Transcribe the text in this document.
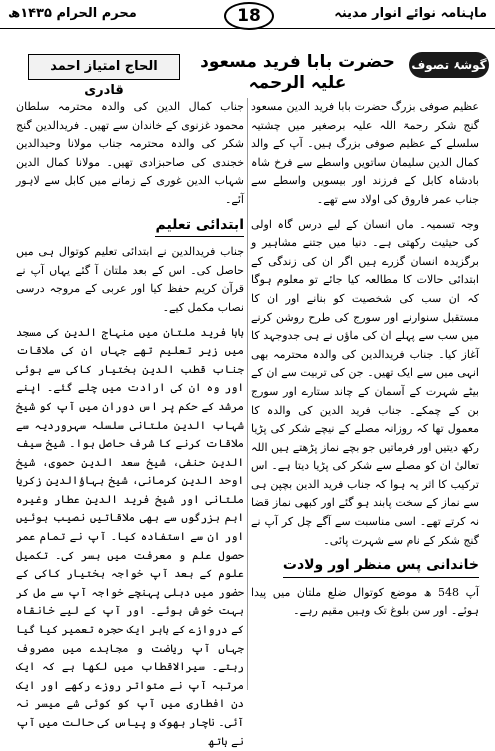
محرم الحرام ۱۴۳۵ھ	18	ماہنامہ نوائے انوار مدینہ
الحاج امتیاز احمد قادری
حضرت بابا فرید مسعود علیہ الرحمہ
گوشۂ تصوف

عظیم صوفی بزرگ حضرت بابا فرید الدین مسعود گنج شکر رحمۃ اللہ علیہ برصغیر میں چشتیہ سلسلے کے عظیم صوفی بزرگ ہیں۔ آپ کے والد کمال الدین سلیمان ساتویں واسطے سے فرخ شاہ بادشاہ کابل کے فرزند اور بیسویں واسطے سے جناب عمر فاروق کی اولاد سے تھے۔

وجہ تسمیہ۔ ماں انسان کے لیے درس گاہ اولی کی حیثیت رکھتی ہے۔ دنیا میں جتنے مشاہیر و برگزیدہ انسان گزرے ہیں اگر ان کی زندگی کے ابتدائی حالات کا مطالعہ کیا جائے تو معلوم ہوگا کہ ان سب کی شخصیت کو بنانے اور ان کا مستقبل سنوارنے اور سورج کی طرح روشن کرنے میں سب سے پہلے ان کی ماؤں نے ہی جدوجہد کا آغاز کیا۔ جناب فریدالدین کی والدہ محترمہ بھی انہی میں سے ایک تھیں۔ جن کی تربیت سے ان کے بیٹے شہرت کے آسمان کے چاند ستارے اور سورج بن کے چمکے۔ جناب فرید الدین کی والدہ کا معمول تھا کہ روزانہ مصلے کے نیچے شکر کی پڑیا رکھ دیتیں اور فرماتیں جو بچے نماز پڑھتے ہیں اللہ تعالیٰ ان کو مصلے سے شکر کی پڑیا دیتا ہے۔ اس ترکیب کا اثر یہ ہوا کہ جناب فرید الدین بچپن ہی سے نماز کے سخت پابند ہو گئے اور کبھی نماز قضا نہ کرتے تھے۔ اسی مناسبت سے آگے چل کر آپ نے گنج شکر کے نام سے شہرت پائی۔

خاندانی پس منظر اور ولادت

آپ 548 ھ موضع کوتوال ضلع ملتان میں پیدا ہوئے۔ اور سن بلوغ تک وہیں مقیم رہے۔

جناب کمال الدین کی والدہ محترمہ سلطان محمود غزنوی کے خاندان سے تھیں۔ فریدالدین گنج شکر کی والدہ محترمہ جناب مولانا وحیدالدین خجندی کی صاحبزادی تھیں۔ مولانا کمال الدین شہاب الدین غوری کے زمانے میں کابل سے لاہور آئے۔

ابتدائی تعلیم

جناب فریدالدین نے ابتدائی تعلیم کوتوال ہی میں حاصل کی۔ اس کے بعد ملتان آ گئے یہاں آپ نے قرآن کریم حفظ کیا اور عربی کے مروجہ درسی نصاب مکمل کیے۔

بابا فرید ملتان میں منہاج الدین کی مسجد میں زیر تعلیم تھے جہاں ان کی ملاقات جناب قطب الدین بختیار کاکی سے ہوئی اور وہ ان کی ارادت میں چلے گئے۔ اپنے مرشد کے حکم پر اس دوران میں آپ کو شیخ شہاب الدین ملتانی سلسلہ سہروردیہ سے ملاقات کرنے کا شرف حاصل ہوا۔ شیخ سیف الدین حنفی، شیخ سعد الدین حموی، شیخ اوحد الدین کرمانی، شیخ بہاؤالدین زکریا ملتانی اور شیخ فرید الدین عطار وغیرہ اہم بزرگوں سے بھی ملاقاتیں نصیب ہوئیں اور ان سے استفادہ کیا۔ آپ نے تمام عمر حصول علم و معرفت میں بسر کی۔ تکمیل علوم کے بعد آپ خواجہ بختیار کاکی کے حضور میں دہلی پہنچے خواجہ آپ سے مل کر بہت خوش ہوئے۔ اور آپ کے لیے خانقاہ کے دروازے کے باہر ایک حجرہ تعمیر کیا گیا جہاں آپ ریاضت و مجاہدے میں مصروف رہتے۔ سیرالاقطاب میں لکھا ہے کہ ایک مرتبہ آپ نے متواتر روزے رکھے اور ایک دن افطاری میں آپ کو کوئی شے میسر نہ آئی۔ ناچار بھوک و پیاس کی حالت میں آپ نے ہاتھ
